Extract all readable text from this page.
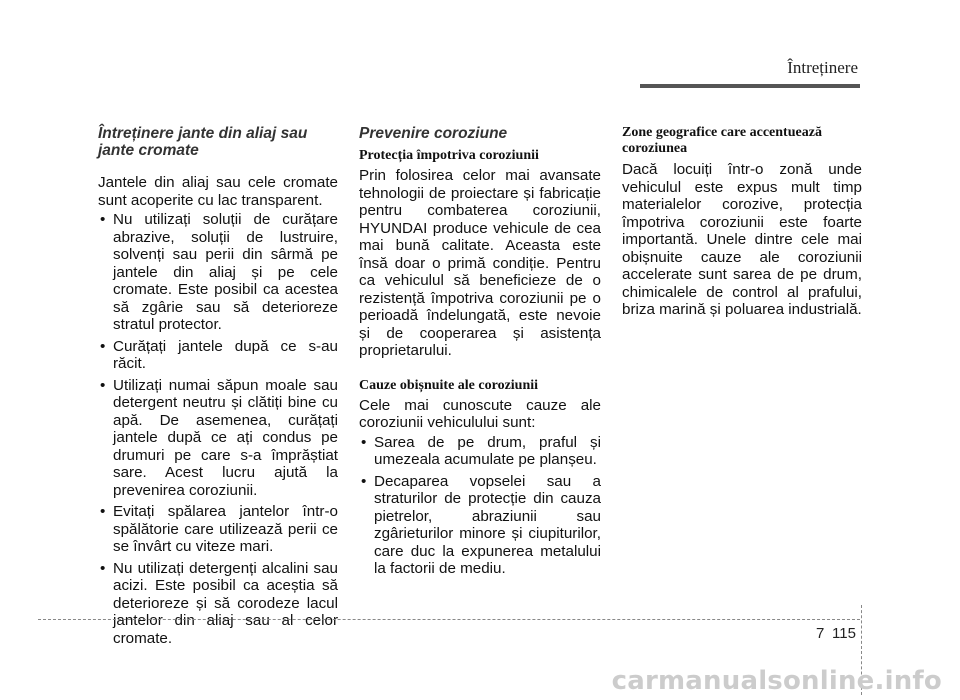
Întreținere
Întreținere jante din aliaj sau jante cromate

Jantele din aliaj sau cele cromate sunt acoperite cu lac transparent.

• Nu utilizați soluții de curățare abrazive, soluții de lustruire, solvenți sau perii din sârmă pe jantele din aliaj și pe cele cromate. Este posibil ca acestea să zgârie sau să deterioreze stratul protector.
• Curățați jantele după ce s-au răcit.
• Utilizați numai săpun moale sau detergent neutru și clătiți bine cu apă. De asemenea, curățați jantele după ce ați condus pe drumuri pe care s-a împrăștiat sare. Acest lucru ajută la prevenirea coroziunii.
• Evitați spălarea jantelor într-o spălătorie care utilizează perii ce se învârt cu viteze mari.
• Nu utilizați detergenți alcalini sau acizi. Este posibil ca aceștia să deterioreze și să corodeze lacul jantelor din aliaj sau al celor cromate.
Prevenire coroziune
Protecția împotriva coroziunii

Prin folosirea celor mai avansate tehnologii de proiectare și fabricație pentru combaterea coroziunii, HYUNDAI produce vehicule de cea mai bună calitate. Aceasta este însă doar o primă condiție. Pentru ca vehiculul să beneficieze de o rezistență împotriva coroziunii pe o perioadă îndelungată, este nevoie și de cooperarea și asistența proprietarului.

Cauze obișnuite ale coroziunii

Cele mai cunoscute cauze ale coroziunii vehiculului sunt:

• Sarea de pe drum, praful și umezeala acumulate pe planșeu.
• Decaparea vopselei sau a straturilor de protecție din cauza pietrelor, abraziunii sau zgârieturilor minore și ciupiturilor, care duc la expunerea metalului la factorii de mediu.
Zone geografice care accentuează coroziunea

Dacă locuiți într-o zonă unde vehiculul este expus mult timp materialelor corozive, protecția împotriva coroziunii este foarte importantă. Unele dintre cele mai obișnuite cauze ale coroziunii accelerate sunt sarea de pe drum, chimicalele de control al prafului, briza marină și poluarea industrială.

7 115
carmanualsonline.info
